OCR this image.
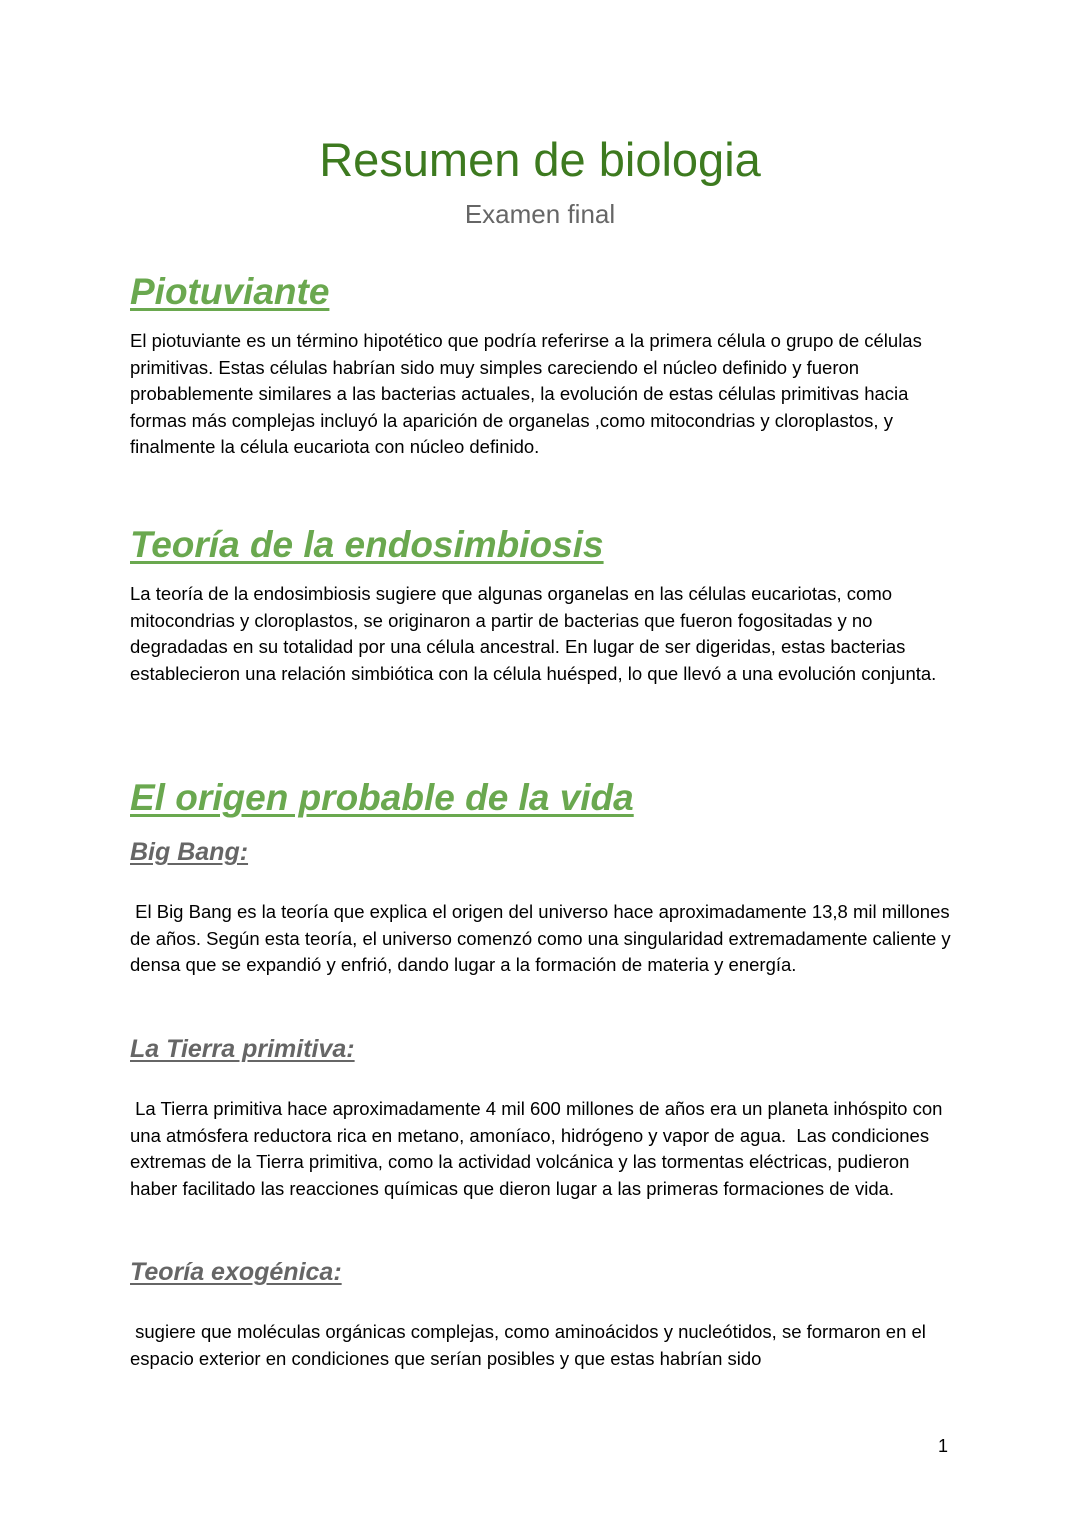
Resumen de biologia

Examen final

Piotuviante

El piotuviante es un término hipotético que podría referirse a la primera célula o grupo de células primitivas. Estas células habrían sido muy simples careciendo el núcleo definido y fueron probablemente similares a las bacterias actuales, la evolución de estas células primitivas hacia formas más complejas incluyó la aparición de organelas ,como mitocondrias y cloroplastos, y finalmente la célula eucariota con núcleo definido.

Teoría de la endosimbiosis

La teoría de la endosimbiosis sugiere que algunas organelas en las células eucariotas, como mitocondrias y cloroplastos, se originaron a partir de bacterias que fueron fogositadas y no degradadas en su totalidad por una célula ancestral. En lugar de ser digeridas, estas bacterias establecieron una relación simbiótica con la célula huésped, lo que llevó a una evolución conjunta.

El origen probable de la vida
Big Bang:

El Big Bang es la teoría que explica el origen del universo hace aproximadamente 13,8 mil millones de años. Según esta teoría, el universo comenzó como una singularidad extremadamente caliente y densa que se expandió y enfrió, dando lugar a la formación de materia y energía.

La Tierra primitiva:

La Tierra primitiva hace aproximadamente 4 mil 600 millones de años era un planeta inhóspito con una atmósfera reductora rica en metano, amoníaco, hidrógeno y vapor de agua.  Las condiciones extremas de la Tierra primitiva, como la actividad volcánica y las tormentas eléctricas, pudieron haber facilitado las reacciones químicas que dieron lugar a las primeras formaciones de vida.

Teoría exogénica:

sugiere que moléculas orgánicas complejas, como aminoácidos y nucleótidos, se formaron en el espacio exterior en condiciones que serían posibles y que estas habrían sido

1
